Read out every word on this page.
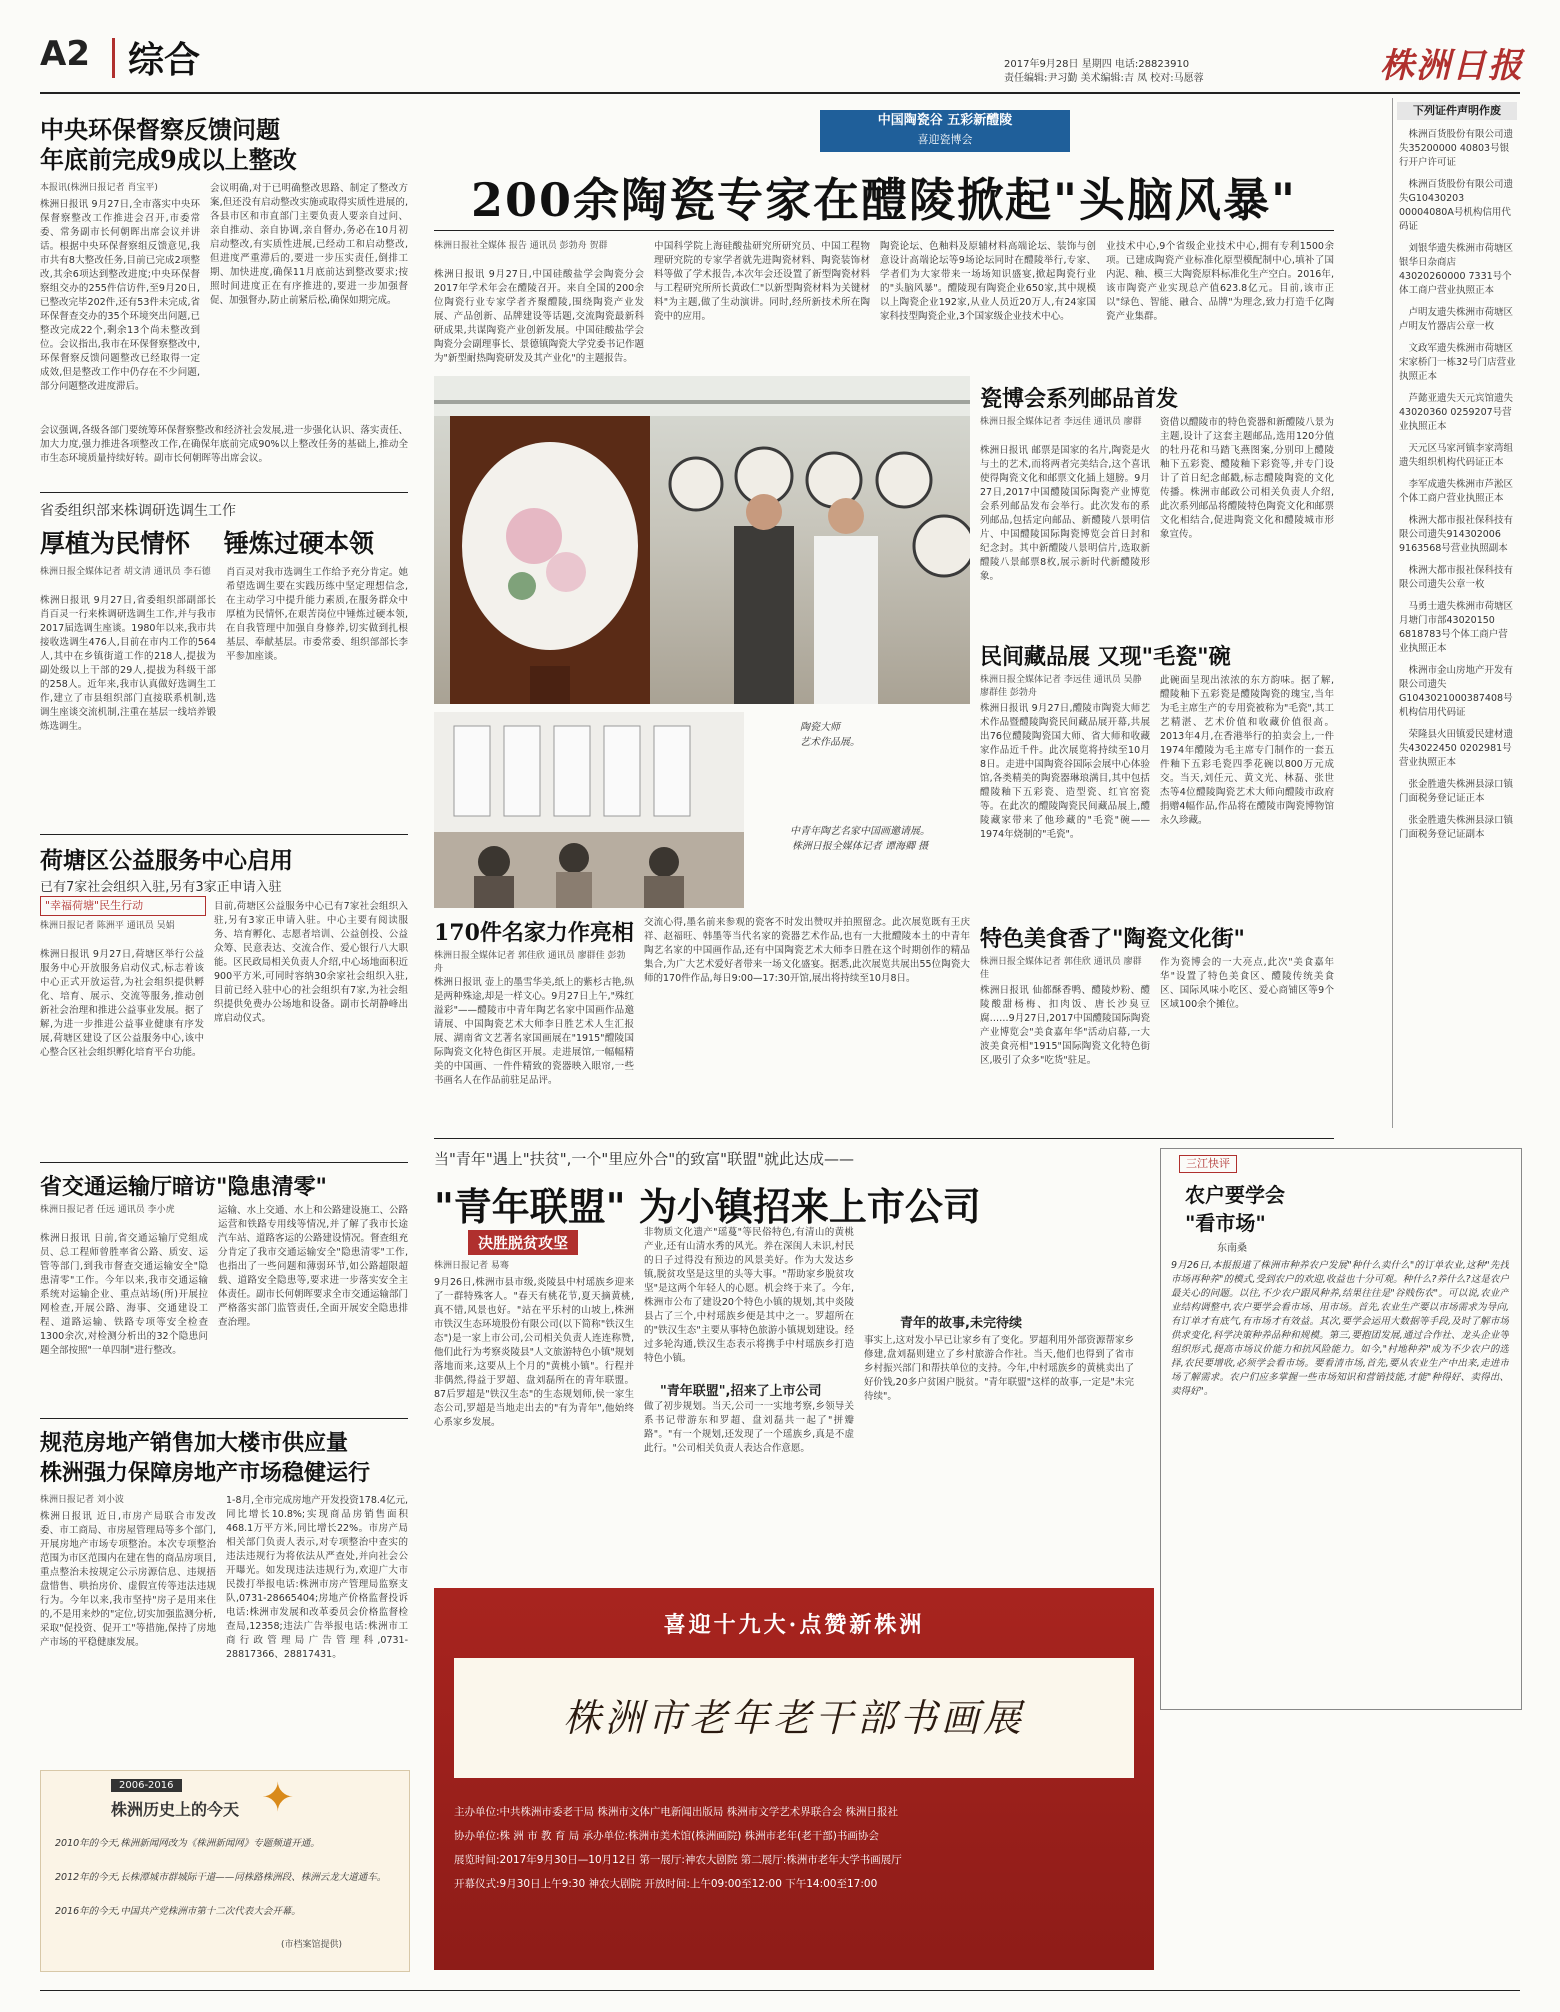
A2 综合	2017年9月28日 星期四 电话:28823910
责任编辑:尹习勤 美术编辑:吉 凤 校对:马愿蓉	株洲日报
中央环保督察反馈问题
年底前完成9成以上整改
本报讯(株洲日报记者 肖宝平)
株洲日报讯 9月27日,全市落实中央环保督察整改工作推进会召开,市委常委、常务副市长何朝晖出席会议并讲话。根据中央环保督察组反馈意见,我市共有8大整改任务,目前已完成2项整改,其余6项达到整改进度;中央环保督察组交办的255件信访件,至9月20日,已整改完毕202件,还有53件未完成,省环保督查交办的35个环境突出问题,已整改完成22个,剩余13个尚未整改到位。会议指出,我市在环保督察整改中,环保督察反馈问题整改已经取得一定成效,但是整改工作中仍存在不少问题,部分问题整改进度滞后。
会议明确,对于已明确整改思路、制定了整改方案,但还没有启动整改实施或取得实质性进展的,各县市区和市直部门主要负责人要亲自过问、亲自推动、亲自协调,亲自督办,务必在10月初启动整改,有实质性进展,已经动工和启动整改,但进度严重滞后的,要进一步压实责任,倒排工期、加快进度,确保11月底前达到整改要求;按照时间进度正在有序推进的,要进一步加强督促、加强督办,防止前紧后松,确保如期完成。
会议强调,各级各部门要统筹环保督察整改和经济社会发展,进一步强化认识、落实责任、加大力度,强力推进各项整改工作,在确保年底前完成90%以上整改任务的基础上,推动全市生态环境质量持续好转。副市长何朝晖等出席会议。
省委组织部来株调研选调生工作
厚植为民情怀 锤炼过硬本领
株洲日报全媒体记者 胡文清 通讯员 李石德
株洲日报讯 9月27日,省委组织部副部长肖百灵一行来株调研选调生工作,并与我市2017届选调生座谈。1980年以来,我市共接收选调生476人,目前在市内工作的564人,其中在乡镇街道工作的218人,提拔为副处级以上干部的29人,提拔为科级干部的258人。近年来,我市认真做好选调生工作,建立了市县组织部门直接联系机制,选调生座谈交流机制,注重在基层一线培养锻炼选调生。
肖百灵对我市选调生工作给予充分肯定。她希望选调生要在实践历练中坚定理想信念,在主动学习中提升能力素质,在服务群众中厚植为民情怀,在艰苦岗位中锤炼过硬本领,在自我管理中加强自身修养,切实做到扎根基层、奉献基层。市委常委、组织部部长李平参加座谈。
荷塘区公益服务中心启用
已有7家社会组织入驻,另有3家正申请入驻
"幸福荷塘"民生行动
株洲日报记者 陈洲平 通讯员 吴娟
株洲日报讯 9月27日,荷塘区举行公益服务中心开放服务启动仪式,标志着该中心正式开放运营,为社会组织提供孵化、培育、展示、交流等服务,推动创新社会治理和推进公益事业发展。据了解,为进一步推进公益事业健康有序发展,荷塘区建设了区公益服务中心,该中心整合区社会组织孵化培育平台功能。
目前,荷塘区公益服务中心已有7家社会组织入驻,另有3家正申请入驻。中心主要有阅读服务、培育孵化、志愿者培训、公益创投、公益众筹、民意表达、交流合作、爱心银行八大职能。区民政局相关负责人介绍,中心场地面积近900平方米,可同时容纳30余家社会组织入驻,目前已经入驻中心的社会组织有7家,为社会组织提供免费办公场地和设备。副市长胡静峰出席启动仪式。
省交通运输厅暗访"隐患清零"
株洲日报记者 任远 通讯员 李小虎
株洲日报讯 日前,省交通运输厅党组成员、总工程师曾胜率省公路、质安、运管等部门,到我市督查交通运输安全"隐患清零"工作。今年以来,我市交通运输系统对运输企业、重点站场(所)开展拉网检查,开展公路、海事、交通建设工程、道路运输、铁路专项等安全检查1300余次,对检测分析出的32个隐患问题全部按照"一单四制"进行整改。
运输、水上交通、水上和公路建设施工、公路运营和铁路专用线等情况,并了解了我市长途汽车站、道路客运的公路建设情况。督查组充分肯定了我市交通运输安全"隐患清零"工作,也指出了一些问题和薄弱环节,如公路超限超载、道路安全隐患等,要求进一步落实安全主体责任。副市长何朝晖要求全市交通运输部门严格落实部门监管责任,全面开展安全隐患排查治理。
规范房地产销售加大楼市供应量
株洲强力保障房地产市场稳健运行
株洲日报记者 刘小波
株洲日报讯 近日,市房产局联合市发改委、市工商局、市房屋管理局等多个部门,开展房地产市场专项整治。本次专项整治范围为市区范围内在建在售的商品房项目,重点整治未按规定公示房源信息、违规捂盘惜售、哄抬房价、虚假宣传等违法违规行为。今年以来,我市坚持"房子是用来住的,不是用来炒的"定位,切实加强监测分析,采取"促投资、促开工"等措施,保持了房地产市场的平稳健康发展。
1-8月,全市完成房地产开发投资178.4亿元,同比增长10.8%;实现商品房销售面积468.1万平方米,同比增长22%。市房产局相关部门负责人表示,对专项整治中查实的违法违规行为将依法从严查处,并向社会公开曝光。如发现违法违规行为,欢迎广大市民拨打举报电话:株洲市房产管理局监察支队,0731-28665404;房地产价格监督投诉电话:株洲市发展和改革委员会价格监督检查局,12358;违法广告举报电话:株洲市工商行政管理局广告管理科,0731-28817366、28817431。
2006-2016
株洲历史上的今天 ✦
2010年的今天,株洲新闻网改为《株洲新闻网》专题频道开通。
2012年的今天,长株潭城市群城际干道——同株路株洲段、株洲云龙大道通车。
2016年的今天,中国共产党株洲市第十二次代表大会开幕。
(市档案馆提供)
中国陶瓷谷 五彩新醴陵
喜迎瓷博会
200余陶瓷专家在醴陵掀起"头脑风暴"
株洲日报社全媒体 报告 通讯员 彭勃舟 贺群
株洲日报讯 9月27日,中国硅酸盐学会陶瓷分会2017年学术年会在醴陵召开。来自全国的200余位陶瓷行业专家学者齐聚醴陵,围绕陶瓷产业发展、产品创新、品牌建设等话题,交流陶瓷最新科研成果,共谋陶瓷产业创新发展。中国硅酸盐学会陶瓷分会副理事长、景德镇陶瓷大学党委书记作题为"新型耐热陶瓷研发及其产业化"的主题报告。
中国科学院上海硅酸盐研究所研究员、中国工程物理研究院的专家学者就先进陶瓷材料、陶瓷装饰材料等做了学术报告,本次年会还设置了新型陶瓷材料与工程研究所所长黄政仁"以新型陶瓷材料为关键材料"为主题,做了生动演讲。同时,经所新技术所在陶瓷中的应用。
陶瓷论坛、色釉料及原辅材料高端论坛、装饰与创意设计高端论坛等9场论坛同时在醴陵举行,专家、学者们为大家带来一场场知识盛宴,掀起陶瓷行业的"头脑风暴"。醴陵现有陶瓷企业650家,其中规模以上陶瓷企业192家,从业人员近20万人,有24家国家科技型陶瓷企业,3个国家级企业技术中心。
业技术中心,9个省级企业技术中心,拥有专利1500余项。已建成陶瓷产业标准化原型模配制中心,填补了国内泥、釉、模三大陶瓷原料标准化生产空白。2016年,该市陶瓷产业实现总产值623.8亿元。目前,该市正以"绿色、智能、融合、品牌"为理念,致力打造千亿陶瓷产业集群。
陶瓷大师
艺术作品展。
中青年陶艺名家中国画邀请展。
株洲日报全媒体记者 谭海卿 摄
170件名家力作亮相
株洲日报全媒体记者 郭佳欣 通讯员 廖群佳 彭勃舟
株洲日报讯 壶上的墨雪华美,纸上的紫杉古艳,纵是两种殊途,却是一样文心。9月27日上午,"殊红溢彩"——醴陵市中青年陶艺名家中国画作品邀请展、中国陶瓷艺术大师李日胜艺术人生汇报展、湖南省文艺著名家国画展在"1915"醴陵国际陶瓷文化特色街区开展。走进展馆,一幅幅精美的中国画、一件件精致的瓷器映入眼帘,一些书画名人在作品前驻足品评。
交流心得,墨名前来参观的瓷客不时发出赞叹并拍照留念。此次展览既有王庆祥、赵福旺、韩墨等当代名家的瓷器艺术作品,也有一大批醴陵本土的中青年陶艺名家的中国画作品,还有中国陶瓷艺术大师李日胜在这个时期创作的精品集合,为广大艺术爱好者带来一场文化盛宴。据悉,此次展览共展出55位陶瓷大师的170件作品,每日9:00—17:30开馆,展出将持续至10月8日。
瓷博会系列邮品首发
株洲日报全媒体记者 李远佳 通讯员 廖群
株洲日报讯 邮票是国家的名片,陶瓷是火与土的艺术,而将两者完美结合,这个喜讯使得陶瓷文化和邮票文化插上翅膀。9月27日,2017中国醴陵国际陶瓷产业博览会系列邮品发布会举行。此次发布的系列邮品,包括定向邮品、新醴陵八景明信片、中国醴陵国际陶瓷博览会首日封和纪念封。其中新醴陵八景明信片,选取新醴陵八景邮票8枚,展示新时代新醴陵形象。
资借以醴陵市的特色瓷器和新醴陵八景为主题,设计了这套主题邮品,选用120分值的牡丹花和马踏飞燕图案,分别印上醴陵釉下五彩瓷、醴陵釉下彩瓷等,并专门设计了首日纪念邮戳,标志醴陵陶瓷的文化传播。株洲市邮政公司相关负责人介绍,此次系列邮品将醴陵特色陶瓷文化和邮票文化相结合,促进陶瓷文化和醴陵城市形象宣传。
民间藏品展 又现"毛瓷"碗
株洲日报全媒体记者 李远佳 通讯员 吴静 廖群佳 彭勃舟
株洲日报讯 9月27日,醴陵市陶瓷大师艺术作品暨醴陵陶瓷民间藏品展开幕,共展出76位醴陵陶瓷国大师、省大师和收藏家作品近千件。此次展览将持续至10月8日。走进中国陶瓷谷国际会展中心体验馆,各类精美的陶瓷器琳琅满目,其中包括醴陵釉下五彩瓷、造型瓷、红官窑瓷等。在此次的醴陵陶瓷民间藏品展上,醴陵藏家带来了他珍藏的"毛瓷"碗——1974年烧制的"毛瓷"。
此碗面呈现出浓浓的东方韵味。据了解,醴陵釉下五彩瓷是醴陵陶瓷的瑰宝,当年为毛主席生产的专用瓷被称为"毛瓷",其工艺精湛、艺术价值和收藏价值很高。2013年4月,在香港举行的拍卖会上,一件1974年醴陵为毛主席专门制作的一套五件釉下五彩毛瓷四季花碗以800万元成交。当天,刘任元、黄文光、林磊、张世杰等4位醴陵陶瓷艺术大师向醴陵市政府捐赠4幅作品,作品将在醴陵市陶瓷博物馆永久珍藏。
特色美食香了"陶瓷文化街"
株洲日报全媒体记者 郭佳欣 通讯员 廖群佳
株洲日报讯 仙都酥香鸭、醴陵炒粉、醴陵酸甜杨梅、扣肉饭、唐长沙臭豆腐……9月27日,2017中国醴陵国际陶瓷产业博览会"美食嘉年华"活动启幕,一大波美食亮相"1915"国际陶瓷文化特色街区,吸引了众多"吃货"驻足。
作为瓷博会的一大亮点,此次"美食嘉年华"设置了特色美食区、醴陵传统美食区、国际风味小吃区、爱心商铺区等9个区域100余个摊位。
当"青年"遇上"扶贫",一个"里应外合"的致富"联盟"就此达成——
"青年联盟" 为小镇招来上市公司
决胜脱贫攻坚
株洲日报记者 易骞
9月26日,株洲市县市级,炎陵县中村瑶族乡迎来了一群特殊客人。"春天有桃花节,夏天摘黄桃,真不错,风景也好。"站在平乐村的山坡上,株洲市铁汉生态环境股份有限公司(以下简称"铁汉生态")是一家上市公司,公司相关负责人连连称赞,他们此行为考察炎陵县"人文旅游特色小镇"规划落地而来,这要从上个月的"黄桃小镇"。行程并非偶然,得益于罗超、盘刘磊所在的青年联盟。87后罗超是"铁汉生态"的生态规划师,侯一家生态公司,罗超是当地走出去的"有为青年",他始终心系家乡发展。
"青年联盟",招来了上市公司
非物质文化遗产"瑶蔓"等民俗特色,有清山的黄桃产业,还有山清水秀的风光。养在深闺人未识,村民的日子过得没有预边的风景美好。作为大发达乡镇,脱贫攻坚是这里的头等大事。"帮助家乡脱贫攻坚"是这两个年轻人的心愿。机会终于来了。今年,株洲市公布了建设20个特色小镇的规划,其中炎陵县占了三个,中村瑶族乡便是其中之一。罗超所在的"铁汉生态"主要从事特色旅游小镇规划建设。经过多轮沟通,铁汉生态表示将携手中村瑶族乡打造特色小镇。
做了初步规划。当天,公司一一实地考察,乡领导关系书记带游东和罗超、盘刘磊共一起了"拼瓣路"。"有一个规划,还发现了一个瑶族乡,真是不虚此行。"公司相关负责人表达合作意愿。
青年的故事,未完待续
事实上,这对发小早已让家乡有了变化。罗超利用外部资源帮家乡修建,盘刘磊则建立了乡村旅游合作社。当天,他们也得到了省市乡村振兴部门和帮扶单位的支持。今年,中村瑶族乡的黄桃卖出了好价钱,20多户贫困户脱贫。"青年联盟"这样的故事,一定是"未完待续"。
下列证件声明作废
株洲百货股份有限公司遗失35200000 40803号银行开户许可证
株洲百货股份有限公司遗失G10430203 00004080A号机构信用代码证
刘银华遗失株洲市荷塘区银华日杂商店43020260000 7331号个体工商户营业执照正本
卢明友遗失株洲市荷塘区卢明友竹器店公章一枚
文政军遗失株洲市荷塘区宋家桥门一栋32号门店营业执照正本
芦懿亚遗失天元宾馆遗失43020360 0259207号营业执照正本
天元区马家河镇李家湾组遗失组织机构代码证正本
李军成遗失株洲市芦淞区个体工商户营业执照正本
株洲大都市报社保科技有限公司遗失914302006 9163568号营业执照副本
株洲大都市报社保科技有限公司遗失公章一枚
马勇士遗失株洲市荷塘区月塘门市部43020150 6818783号个体工商户营业执照正本
株洲市金山房地产开发有限公司遗失G1043021000387408号机构信用代码证
荣隆县火田镇爱民建材遗失43022450 0202981号营业执照正本
张金胜遗失株洲县渌口镇门面税务登记证正本
张金胜遗失株洲县渌口镇门面税务登记证副本
三江快评
农户要学会
"看市场"
东南桑
9月26日,本报报道了株洲市种养农户发展"种什么卖什么"的订单农业,这种"先找市场再种养"的模式,受到农户的欢迎,收益也十分可观。种什么?养什么?这是农户最关心的问题。以往,不少农户跟风种养,结果往往是"谷贱伤农"。可以说,农业产业结构调整中,农户要学会看市场、用市场。首先,农业生产要以市场需求为导向,有订单才有底气,有市场才有效益。其次,要学会运用大数据等手段,及时了解市场供求变化,科学决策种养品种和规模。第三,要抱团发展,通过合作社、龙头企业等组织形式,提高市场议价能力和抗风险能力。如今,"村地种养"成为不少农户的选择,农民要增收,必须学会看市场。要看清市场,首先,要从农业生产中出来,走进市场了解需求。农户们应多掌握一些市场知识和营销技能,才能"种得好、卖得出、卖得好"。
喜迎十九大·点赞新株洲
株洲市老年老干部书画展
主办单位:中共株洲市委老干局 株洲市文体广电新闻出版局 株洲市文学艺术界联合会 株洲日报社
协办单位:株 洲 市 教 育 局 承办单位:株洲市美术馆(株洲画院) 株洲市老年(老干部)书画协会
展览时间:2017年9月30日—10月12日 第一展厅:神农大剧院 第二展厅:株洲市老年大学书画展厅
开幕仪式:9月30日上午9:30 神农大剧院 开放时间:上午09:00至12:00 下午14:00至17:00
